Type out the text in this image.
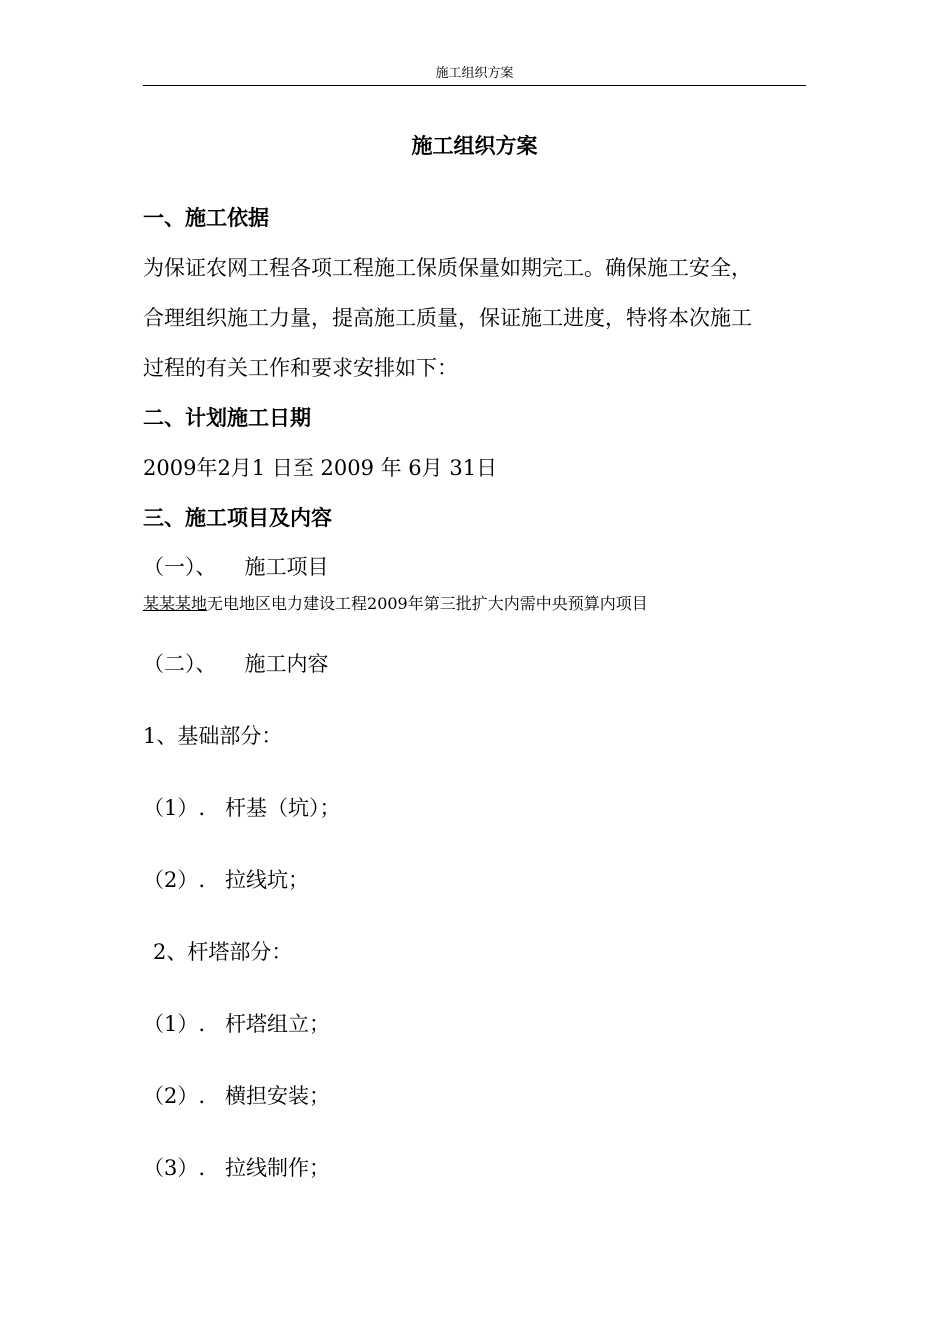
施工组织方案
施工组织方案
一、施工依据
为保证农网工程各项工程施工保质保量如期完工。确保施工安全，
合理组织施工力量，提高施工质量，保证施工进度，特将本次施工
过程的有关工作和要求安排如下：
二、计划施工日期
2009年2月1 日至 2009 年 6月 31日
三、施工项目及内容
（一）、 施工项目
某某某地无电地区电力建设工程2009年第三批扩大内需中央预算内项目
（二）、 施工内容
1、基础部分：
（1）. 杆基（坑）；
（2）. 拉线坑；
2、杆塔部分：
（1）. 杆塔组立；
（2）. 横担安装；
（3）. 拉线制作；
